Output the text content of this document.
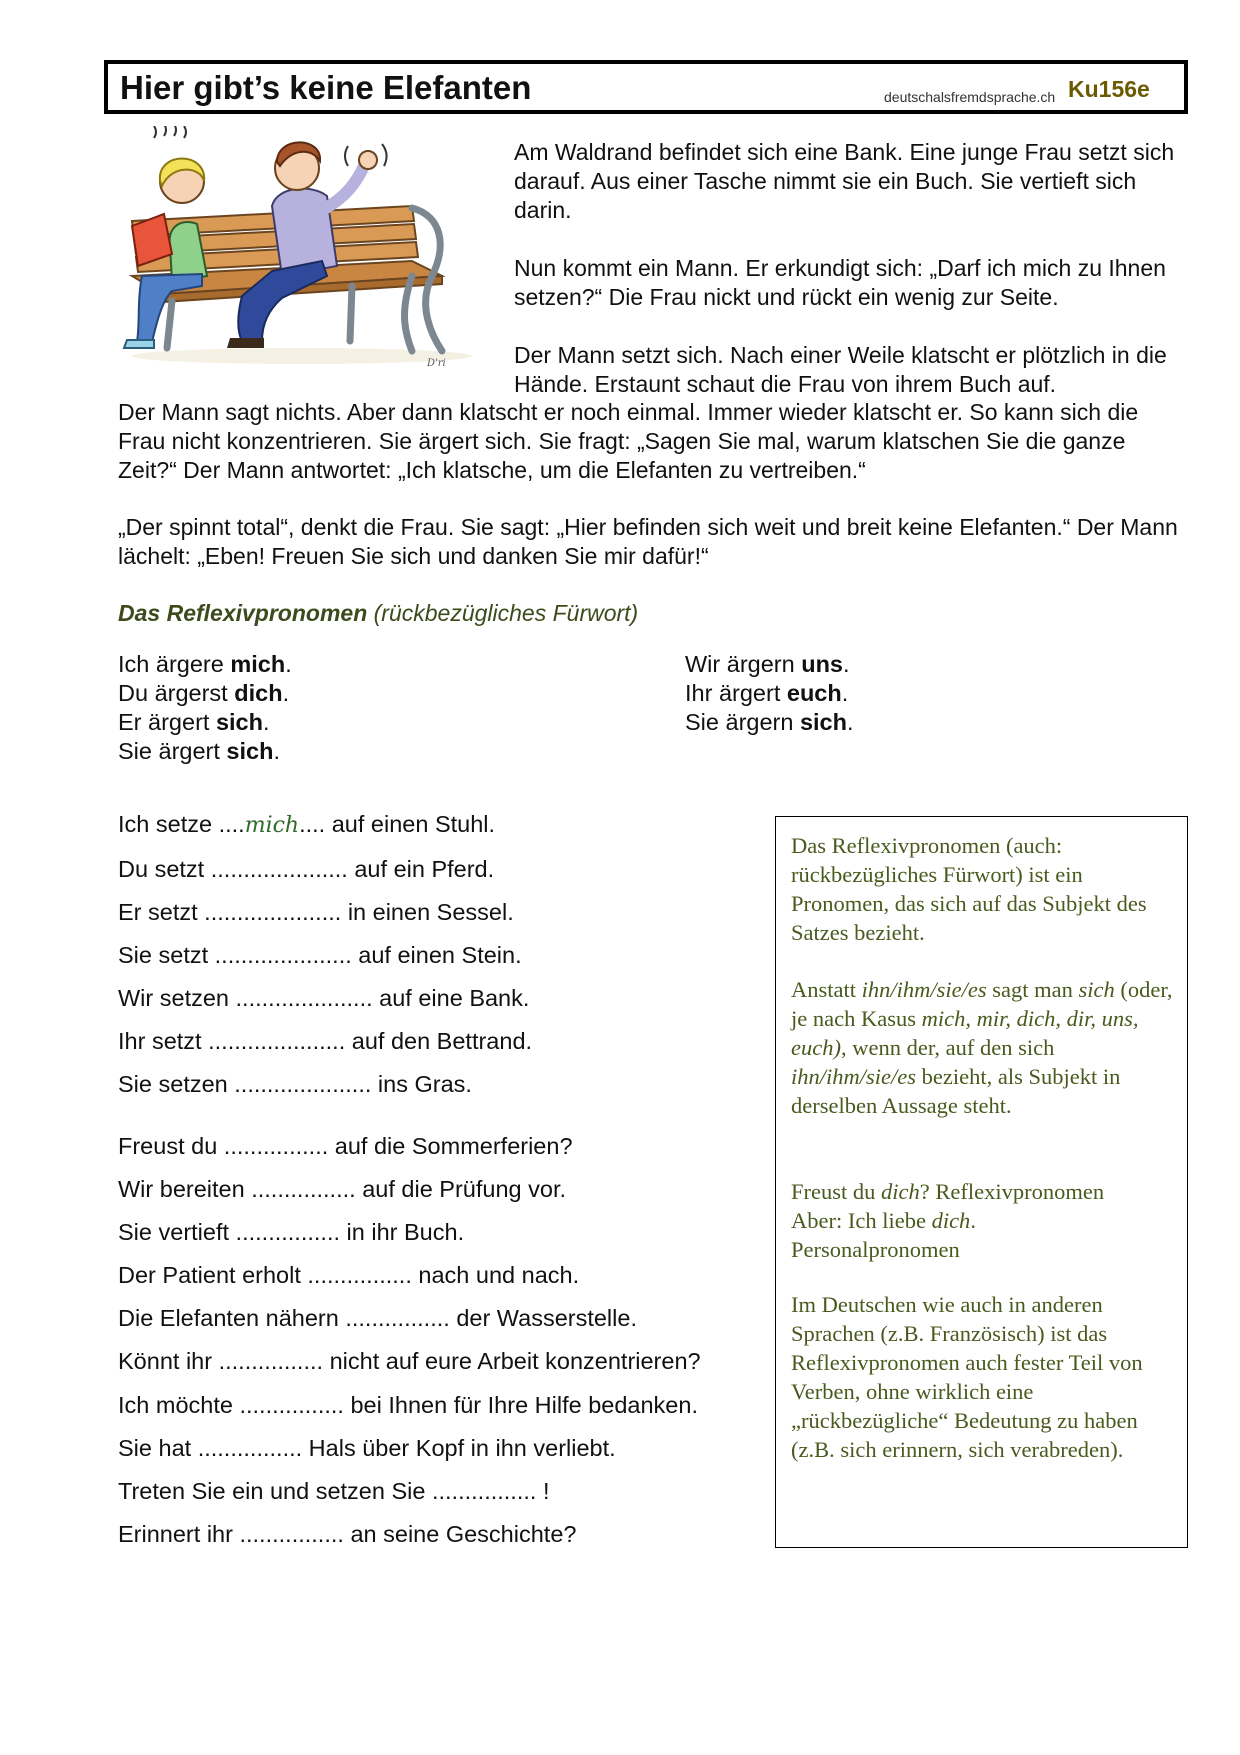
Hier gibt’s keine Elefanten	deutschalsfremdsprache.ch Ku156e
D'ri

Am Waldrand befindet sich eine Bank. Eine junge Frau setzt sich darauf. Aus einer Tasche nimmt sie ein Buch. Sie vertieft sich darin.

Nun kommt ein Mann. Er erkundigt sich: „Darf ich mich zu Ihnen setzen?“ Die Frau nickt und rückt ein wenig zur Seite.

Der Mann setzt sich. Nach einer Weile klatscht er plötzlich in die Hände. Erstaunt schaut die Frau von ihrem Buch auf.

Der Mann sagt nichts. Aber dann klatscht er noch einmal. Immer wieder klatscht er. So kann sich die Frau nicht konzentrieren. Sie ärgert sich. Sie fragt: „Sagen Sie mal, warum klatschen Sie die ganze Zeit?“ Der Mann antwortet: „Ich klatsche, um die Elefanten zu vertreiben.“

„Der spinnt total“, denkt die Frau. Sie sagt: „Hier befinden sich weit und breit keine Elefanten.“ Der Mann lächelt: „Eben! Freuen Sie sich und danken Sie mir dafür!“

Das Reflexivpronomen (rückbezügliches Fürwort)
Ich ärgere mich.
Du ärgerst dich.
Er ärgert sich.
Sie ärgert sich.
Wir ärgern uns.
Ihr ärgert euch.
Sie ärgern sich.
Ich setze ....mich.... auf einen Stuhl.
Du setzt ..................... auf ein Pferd.
Er setzt ..................... in einen Sessel.
Sie setzt ..................... auf einen Stein.
Wir setzen ..................... auf eine Bank.
Ihr setzt ..................... auf den Bettrand.
Sie setzen ..................... ins Gras.
Freust du ................ auf die Sommerferien?
Wir bereiten ................ auf die Prüfung vor.
Sie vertieft ................ in ihr Buch.
Der Patient erholt ................ nach und nach.
Die Elefanten nähern ................ der Wasserstelle.
Könnt ihr ................ nicht auf eure Arbeit konzentrieren?
Ich möchte ................ bei Ihnen für Ihre Hilfe bedanken.
Sie hat ................ Hals über Kopf in ihn verliebt.
Treten Sie ein und setzen Sie ................ !
Erinnert ihr ................ an seine Geschichte?

Das Reflexivpronomen (auch: rückbezügliches Fürwort) ist ein Pronomen, das sich auf das Subjekt des Satzes bezieht.

Anstatt ihn/ihm/sie/es sagt man sich (oder, je nach Kasus mich, mir, dich, dir, uns, euch), wenn der, auf den sich ihn/ihm/sie/es bezieht, als Subjekt in derselben Aussage steht.

Freust du dich? Reflexivpronomen
Aber: Ich liebe dich.
Personalpronomen

Im Deutschen wie auch in anderen Sprachen (z.B. Französisch) ist das Reflexivpronomen auch fester Teil von Verben, ohne wirklich eine „rückbezügliche“ Bedeutung zu haben
(z.B. sich erinnern, sich verabreden).
